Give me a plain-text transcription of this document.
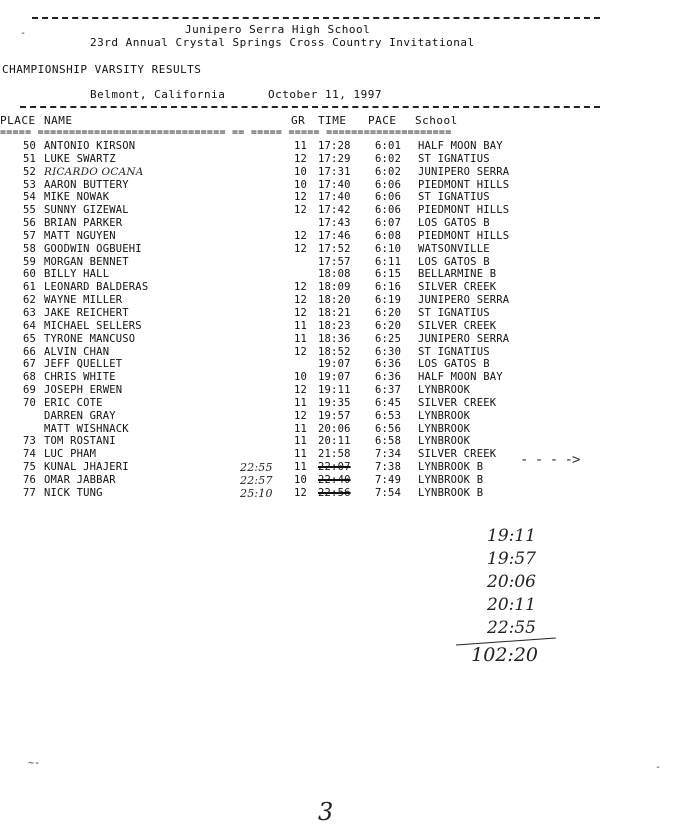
Junipero Serra High School
23rd Annual Crystal Springs Cross Country Invitational
CHAMPIONSHIP VARSITY RESULTS
Belmont, California	October 11, 1997
PLACE NAME	GR TIME PACE School
===== ============================== == ===== ===== ====================
50 ANTONIO KIRSON	11 17:28 6:01 HALF MOON BAY
51 LUKE SWARTZ	12 17:29 6:02 ST IGNATIUS
52 RICARDO OCANA	10 17:31 6:02 JUNIPERO SERRA
53 AARON BUTTERY	10 17:40 6:06 PIEDMONT HILLS
54 MIKE NOWAK	12 17:40 6:06 ST IGNATIUS
55 SUNNY GIZEWAL	12 17:42 6:06 PIEDMONT HILLS
56 BRIAN PARKER	17:43 6:07 LOS GATOS B
57 MATT NGUYEN	12 17:46 6:08 PIEDMONT HILLS
58 GOODWIN OGBUEHI	12 17:52 6:10 WATSONVILLE
59 MORGAN BENNET	17:57 6:11 LOS GATOS B
60 BILLY HALL	18:08 6:15 BELLARMINE B
61 LEONARD BALDERAS	12 18:09 6:16 SILVER CREEK
62 WAYNE MILLER	12 18:20 6:19 JUNIPERO SERRA
63 JAKE REICHERT	12 18:21 6:20 ST IGNATIUS
64 MICHAEL SELLERS	11 18:23 6:20 SILVER CREEK
65 TYRONE MANCUSO	11 18:36 6:25 JUNIPERO SERRA
66 ALVIN CHAN	12 18:52 6:30 ST IGNATIUS
67 JEFF QUELLET	19:07 6:36 LOS GATOS B
68 CHRIS WHITE	10 19:07 6:36 HALF MOON BAY
69 JOSEPH ERWEN	12 19:11 6:37 LYNBROOK
70 ERIC COTE	11 19:35 6:45 SILVER CREEK
DARREN GRAY	12 19:57 6:53 LYNBROOK
MATT WISHNACK	11 20:06 6:56 LYNBROOK
73 TOM ROSTANI	11 20:11 6:58 LYNBROOK
74 LUC PHAM	11 21:58 7:34 SILVER CREEK
75 KUNAL JHAJERI	11 22:07 7:38 LYNBROOK B
22:55
76 OMAR JABBAR	10 22:40 7:49 LYNBROOK B
22:57
77 NICK TUNG	12 22:56 7:54 LYNBROOK B
25:10
- - - ->
19:11
19:57
20:06
20:11
22:55
102:20
3
-
~-	-
